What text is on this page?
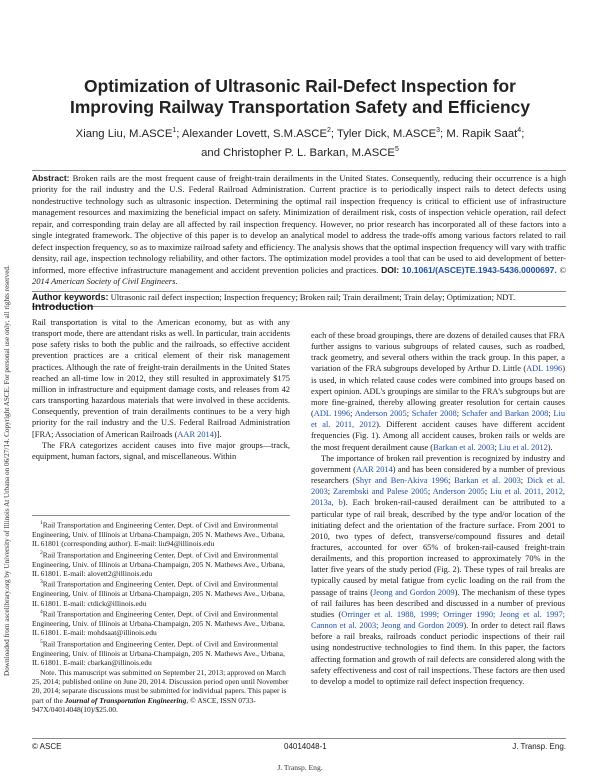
Downloaded from ascelibrary.org by University of Illinois At Urbana on 06/27/14. Copyright ASCE. For personal use only; all rights reserved.
Optimization of Ultrasonic Rail-Defect Inspection for Improving Railway Transportation Safety and Efficiency
Xiang Liu, M.ASCE$^1$; Alexander Lovett, S.M.ASCE$^2$; Tyler Dick, M.ASCE$^3$; M. Rapik Saat$^4$;
and Christopher P. L. Barkan, M.ASCE$^5$

Abstract: Broken rails are the most frequent cause of freight-train derailments in the United States. Consequently, reducing their occurrence is a high priority for the rail industry and the U.S. Federal Railroad Administration. Current practice is to periodically inspect rails to detect defects using nondestructive technology such as ultrasonic inspection. Determining the optimal rail inspection frequency is critical to efficient use of infrastructure management resources and maximizing the beneficial impact on safety. Minimization of derailment risk, costs of inspection vehicle operation, rail defect repair, and corresponding train delay are all affected by rail inspection frequency. However, no prior research has incorporated all of these factors into a single integrated framework. The objective of this paper is to develop an analytical model to address the trade-offs among various factors related to rail defect inspection frequency, so as to maximize railroad safety and efficiency. The analysis shows that the optimal inspection frequency will vary with traffic density, rail age, inspection technology reliability, and other factors. The optimization model provides a tool that can be used to aid development of better-informed, more effective infrastructure management and accident prevention policies and practices. DOI: 10.1061/(ASCE)TE.1943-5436.0000697. © 2014 American Society of Civil Engineers.

Author keywords: Ultrasonic rail defect inspection; Inspection frequency; Broken rail; Train derailment; Train delay; Optimization; NDT.
Introduction

Rail transportation is vital to the American economy, but as with any transport mode, there are attendant risks as well. In particular, train accidents pose safety risks to both the public and the railroads, so effective accident prevention practices are a critical element of their risk management practices. Although the rate of freight-train derailments in the United States reached an all-time low in 2012, they still resulted in approximately $175 million in infrastructure and equipment damage costs, and releases from 42 cars transporting hazardous materials that were involved in these accidents. Consequently, prevention of train derailments continues to be a very high priority for the rail industry and the U.S. Federal Railroad Administration [FRA; Association of American Railroads (AAR 2014)].

The FRA categorizes accident causes into five major groups—track, equipment, human factors, signal, and miscellaneous. Within

$^1$Rail Transportation and Engineering Center, Dept. of Civil and Environmental Engineering, Univ. of Illinois at Urbana-Champaign, 205 N. Mathews Ave., Urbana, IL 61801 (corresponding author). E-mail: liu94@illinois.edu

$^2$Rail Transportation and Engineering Center, Dept. of Civil and Environmental Engineering, Univ. of Illinois at Urbana-Champaign, 205 N. Mathews Ave., Urbana, IL 61801. E-mail: alovett2@illinois.edu

$^3$Rail Transportation and Engineering Center, Dept. of Civil and Environmental Engineering, Univ. of Illinois at Urbana-Champaign, 205 N. Mathews Ave., Urbana, IL 61801. E-mail: ctdick@illinois.edu

$^4$Rail Transportation and Engineering Center, Dept. of Civil and Environmental Engineering, Univ. of Illinois at Urbana-Champaign, 205 N. Mathews Ave., Urbana, IL 61801. E-mail: mohdsaat@illinois.edu

$^5$Rail Transportation and Engineering Center, Dept. of Civil and Environmental Engineering, Univ. of Illinois at Urbana-Champaign, 205 N. Mathews Ave., Urbana, IL 61801. E-mail: cbarkan@illinois.edu

Note. This manuscript was submitted on September 21, 2013; approved on March 25, 2014; published online on June 20, 2014. Discussion period open until November 20, 2014; separate discussions must be submitted for individual papers. This paper is part of the Journal of Transportation Engineering, © ASCE, ISSN 0733-947X/04014048(10)/$25.00.

each of these broad groupings, there are dozens of detailed causes that FRA further assigns to various subgroups of related causes, such as roadbed, track geometry, and several others within the track group. In this paper, a variation of the FRA subgroups developed by Arthur D. Little (ADL 1996) is used, in which related cause codes were combined into groups based on expert opinion. ADL's groupings are similar to the FRA's subgroups but are more fine-grained, thereby allowing greater resolution for certain causes (ADL 1996; Anderson 2005; Schafer 2008; Schafer and Barkan 2008; Liu et al. 2011, 2012). Different accident causes have different accident frequencies (Fig. 1). Among all accident causes, broken rails or welds are the most frequent derailment cause (Barkan et al. 2003; Liu et al. 2012).

The importance of broken rail prevention is recognized by industry and government (AAR 2014) and has been considered by a number of previous researchers (Shyr and Ben-Akiva 1996; Barkan et al. 2003; Dick et al. 2003; Zarembski and Palese 2005; Anderson 2005; Liu et al. 2011, 2012, 2013a, b). Each broken-rail-caused derailment can be attributed to a particular type of rail break, described by the type and/or location of the initiating defect and the orientation of the fracture surface. From 2001 to 2010, two types of defect, transverse/compound fissures and detail fractures, accounted for over 65% of broken-rail-caused freight-train derailments, and this proportion increased to approximately 70% in the latter five years of the study period (Fig. 2). These types of rail breaks are typically caused by metal fatigue from cyclic loading on the rail from the passage of trains (Jeong and Gordon 2009). The mechanism of these types of rail failures has been described and discussed in a number of previous studies (Orringer et al. 1988, 1999; Orringer 1990; Jeong et al. 1997; Cannon et al. 2003; Jeong and Gordon 2009). In order to detect rail flaws before a rail breaks, railroads conduct periodic inspections of their rail using nondestructive technologies to find them. In this paper, the factors affecting formation and growth of rail defects are considered along with the safety effectiveness and cost of rail inspections. These factors are then used to develop a model to optimize rail defect inspection frequency.

© ASCE	04014048-1	J. Transp. Eng.
J. Transp. Eng.
